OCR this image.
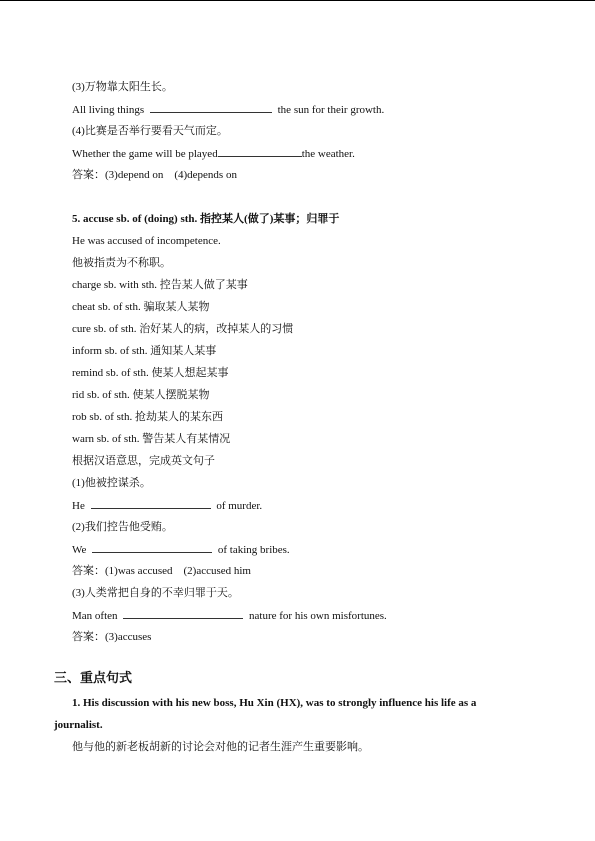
(3)万物靠太阳生长。
All living things	the sun for their growth.
(4)比赛是否举行要看天气而定。
Whether the game will be played	the weather.
答案：(3)depend on　(4)depends on
5. accuse sb. of (doing) sth. 指控某人(做了)某事；归罪于
He was accused of incompetence.
他被指责为不称职。
charge sb. with sth. 控告某人做了某事
cheat sb. of sth. 骗取某人某物
cure sb. of sth. 治好某人的病，改掉某人的习惯
inform sb. of sth. 通知某人某事
remind sb. of sth. 使某人想起某事
rid sb. of sth. 使某人摆脱某物
rob sb. of sth. 抢劫某人的某东西
warn sb. of sth. 警告某人有某情况
根据汉语意思，完成英文句子
(1)他被控谋杀。
He	of murder.
(2)我们控告他受贿。
We	of taking bribes.
答案：(1)was accused　(2)accused him
(3)人类常把自身的不幸归罪于天。
Man often	nature for his own misfortunes.
答案：(3)accuses
三、重点句式
1. His discussion with his new boss, Hu Xin (HX), was to strongly influence his life as a
journalist.
他与他的新老板胡新的讨论会对他的记者生涯产生重要影响。
